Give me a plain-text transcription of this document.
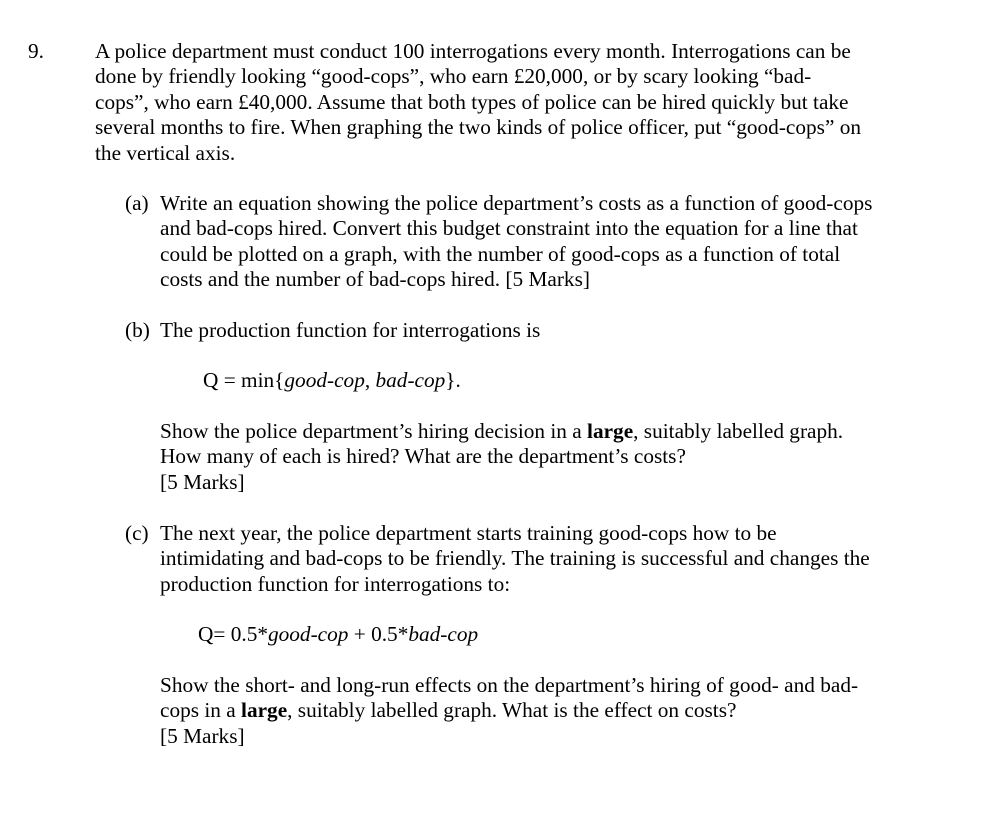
9. A police department must conduct 100 interrogations every month. Interrogations can be done by friendly looking “good-cops”, who earn £20,000, or by scary looking “bad-cops”, who earn £40,000. Assume that both types of police can be hired quickly but take several months to fire. When graphing the two kinds of police officer, put “good-cops” on the vertical axis.
(a) Write an equation showing the police department’s costs as a function of good-cops and bad-cops hired. Convert this budget constraint into the equation for a line that could be plotted on a graph, with the number of good-cops as a function of total costs and the number of bad-cops hired. [5 Marks]
(b) The production function for interrogations is
Q = min{good-cop, bad-cop}.
Show the police department’s hiring decision in a large, suitably labelled graph. How many of each is hired? What are the department’s costs?
[5 Marks]
(c) The next year, the police department starts training good-cops how to be intimidating and bad-cops to be friendly. The training is successful and changes the production function for interrogations to:
Q= 0.5*good-cop + 0.5*bad-cop
Show the short- and long-run effects on the department’s hiring of good- and bad-cops in a large, suitably labelled graph. What is the effect on costs?
[5 Marks]
